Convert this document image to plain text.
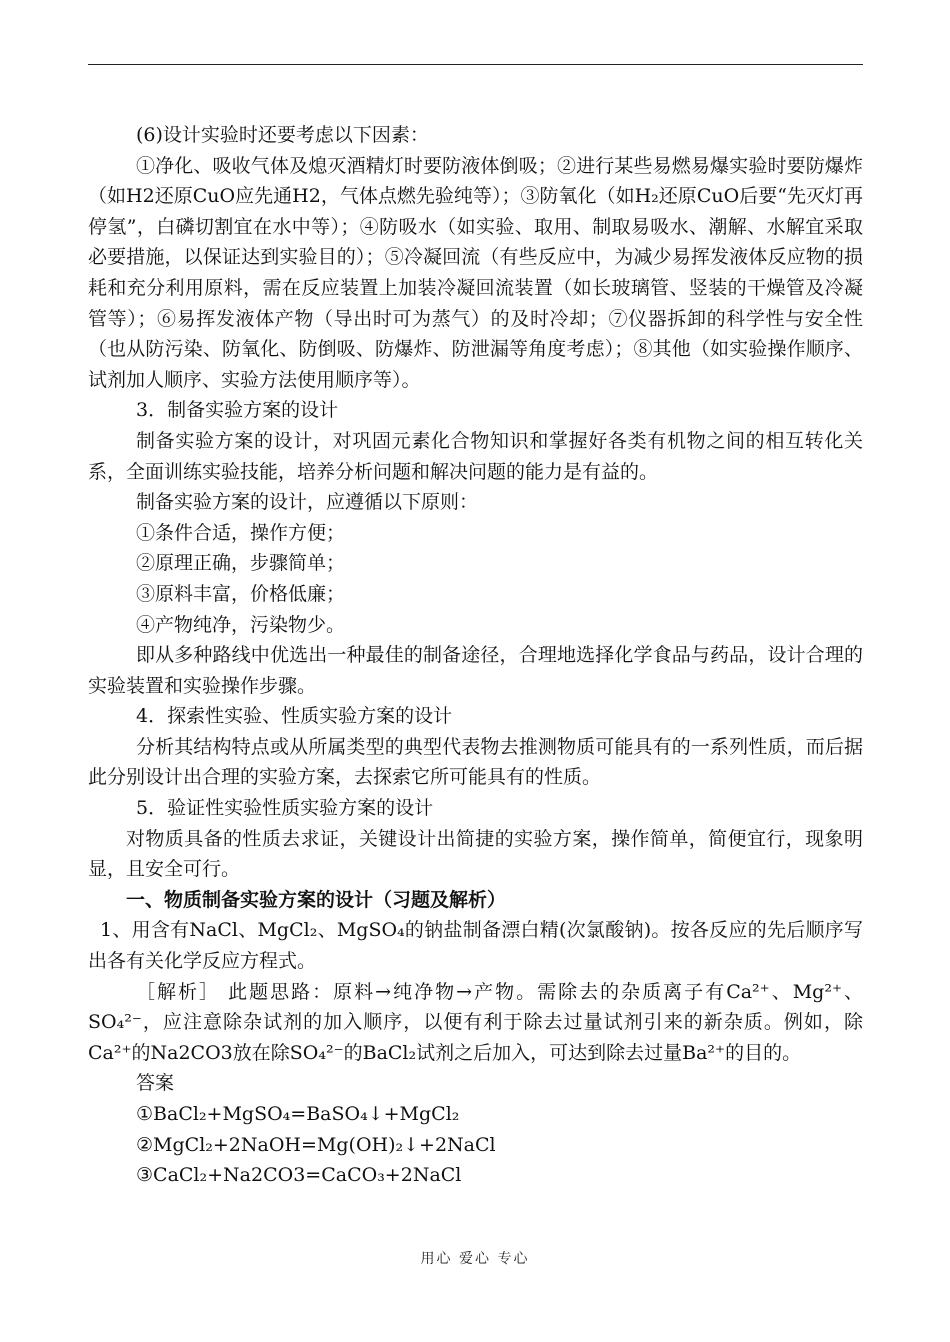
(6)设计实验时还要考虑以下因素：

①净化、吸收气体及熄灭酒精灯时要防液体倒吸；②进行某些易燃易爆实验时要防爆炸（如H2还原CuO应先通H2，气体点燃先验纯等）；③防氧化（如H₂还原CuO后要“先灭灯再停氢”，白磷切割宜在水中等）；④防吸水（如实验、取用、制取易吸水、潮解、水解宜采取必要措施，以保证达到实验目的）；⑤冷凝回流（有些反应中，为减少易挥发液体反应物的损耗和充分利用原料，需在反应装置上加装冷凝回流装置（如长玻璃管、竖装的干燥管及冷凝管等）；⑥易挥发液体产物（导出时可为蒸气）的及时冷却；⑦仪器拆卸的科学性与安全性（也从防污染、防氧化、防倒吸、防爆炸、防泄漏等角度考虑）；⑧其他（如实验操作顺序、试剂加人顺序、实验方法使用顺序等）。

3．制备实验方案的设计

制备实验方案的设计，对巩固元素化合物知识和掌握好各类有机物之间的相互转化关系，全面训练实验技能，培养分析问题和解决问题的能力是有益的。

制备实验方案的设计，应遵循以下原则：

①条件合适，操作方便；

②原理正确，步骤简单；

③原料丰富，价格低廉；

④产物纯净，污染物少。

即从多种路线中优选出一种最佳的制备途径，合理地选择化学食品与药品，设计合理的实验装置和实验操作步骤。

4．探索性实验、性质实验方案的设计

分析其结构特点或从所属类型的典型代表物去推测物质可能具有的一系列性质，而后据此分别设计出合理的实验方案，去探索它所可能具有的性质。

5．验证性实验性质实验方案的设计

对物质具备的性质去求证，关键设计出简捷的实验方案，操作简单，简便宜行，现象明显，且安全可行。

一、物质制备实验方案的设计（习题及解析）

1、用含有NaCl、MgCl₂、MgSO₄的钠盐制备漂白精(次氯酸钠)。按各反应的先后顺序写出各有关化学反应方程式。

［解析］ 此题思路：原料→纯净物→产物。需除去的杂质离子有Ca²⁺、Mg²⁺、SO₄²⁻，应注意除杂试剂的加入顺序，以便有利于除去过量试剂引来的新杂质。例如，除Ca²⁺的Na2CO3放在除SO₄²⁻的BaCl₂试剂之后加入，可达到除去过量Ba²⁺的目的。

答案

①BaCl₂+MgSO₄=BaSO₄↓+MgCl₂

②MgCl₂+2NaOH=Mg(OH)₂↓+2NaCl

③CaCl₂+Na2CO3=CaCO₃+2NaCl

用心 爱心 专心
